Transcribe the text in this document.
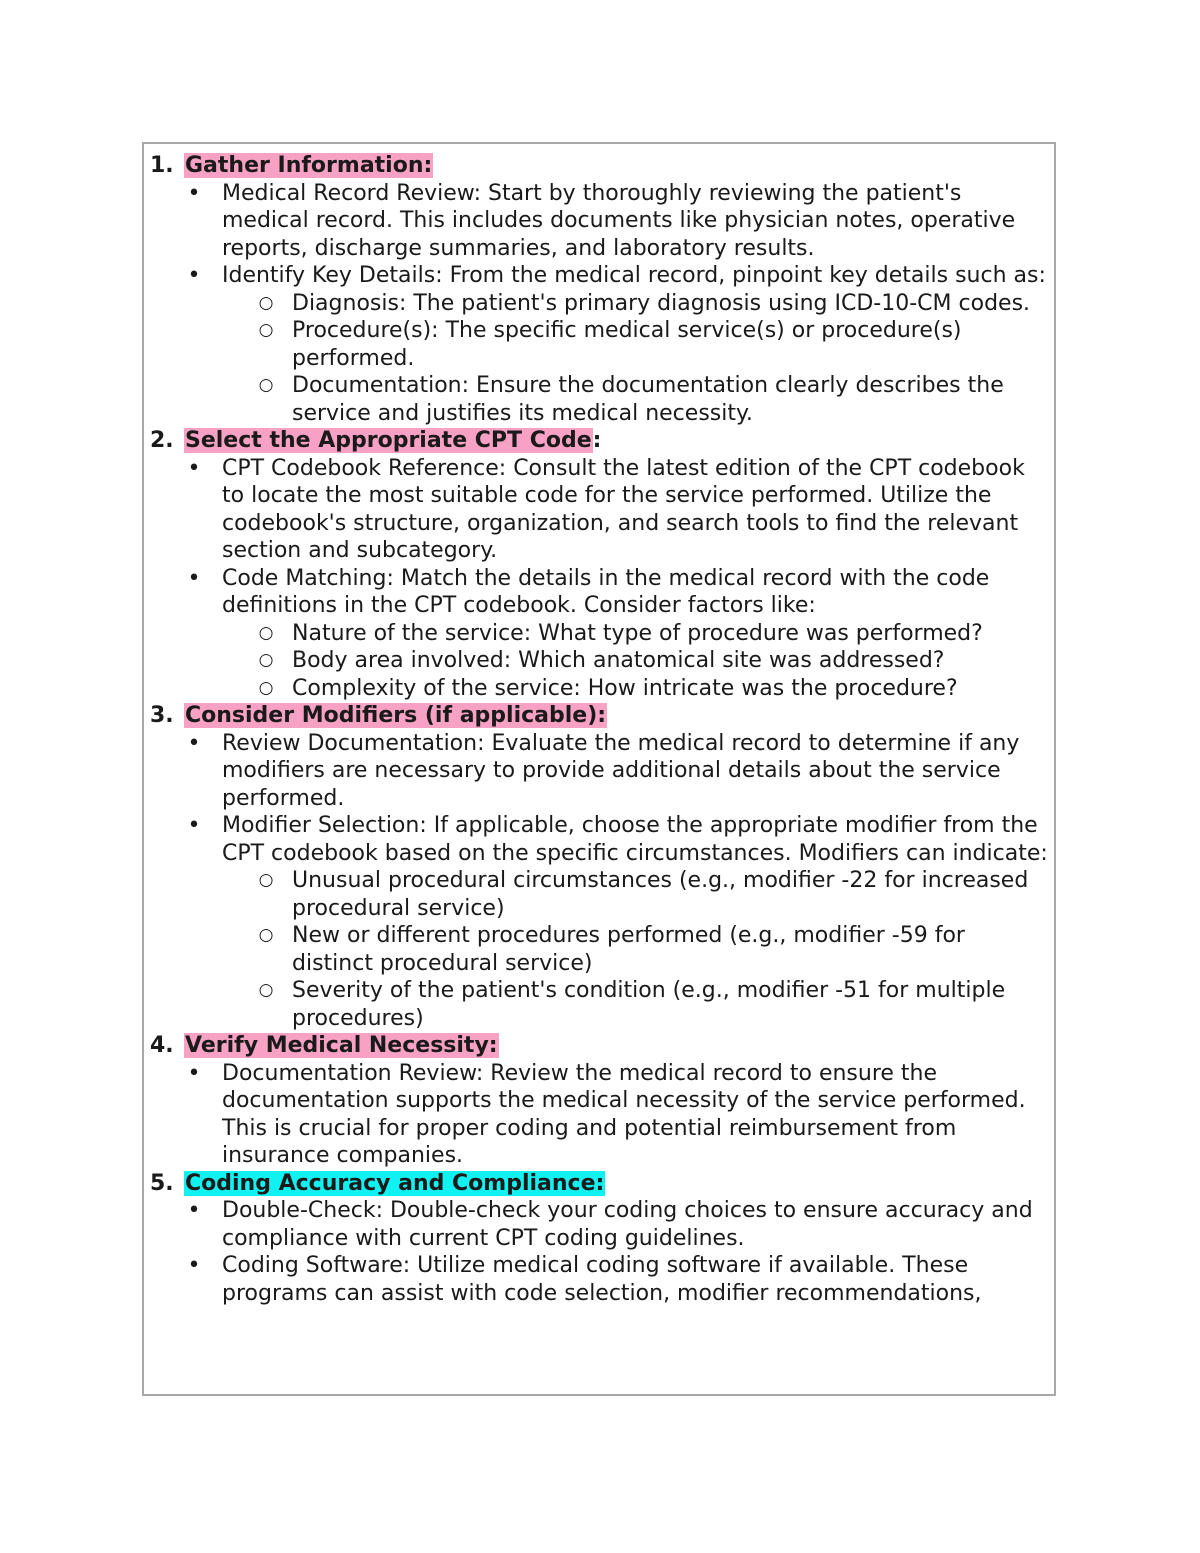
1. Gather Information:
• Medical Record Review: Start by thoroughly reviewing the patient's medical record. This includes documents like physician notes, operative reports, discharge summaries, and laboratory results.
• Identify Key Details: From the medical record, pinpoint key details such as:
○ Diagnosis: The patient's primary diagnosis using ICD-10-CM codes.
○ Procedure(s): The specific medical service(s) or procedure(s) performed.
○ Documentation: Ensure the documentation clearly describes the service and justifies its medical necessity.
2. Select the Appropriate CPT Code:
• CPT Codebook Reference: Consult the latest edition of the CPT codebook to locate the most suitable code for the service performed. Utilize the codebook's structure, organization, and search tools to find the relevant section and subcategory.
• Code Matching: Match the details in the medical record with the code definitions in the CPT codebook. Consider factors like:
○ Nature of the service: What type of procedure was performed?
○ Body area involved: Which anatomical site was addressed?
○ Complexity of the service: How intricate was the procedure?
3. Consider Modifiers (if applicable):
• Review Documentation: Evaluate the medical record to determine if any modifiers are necessary to provide additional details about the service performed.
• Modifier Selection: If applicable, choose the appropriate modifier from the CPT codebook based on the specific circumstances. Modifiers can indicate:
○ Unusual procedural circumstances (e.g., modifier -22 for increased procedural service)
○ New or different procedures performed (e.g., modifier -59 for distinct procedural service)
○ Severity of the patient's condition (e.g., modifier -51 for multiple procedures)
4. Verify Medical Necessity:
• Documentation Review: Review the medical record to ensure the documentation supports the medical necessity of the service performed. This is crucial for proper coding and potential reimbursement from insurance companies.
5. Coding Accuracy and Compliance:
• Double-Check: Double-check your coding choices to ensure accuracy and compliance with current CPT coding guidelines.
• Coding Software: Utilize medical coding software if available. These programs can assist with code selection, modifier recommendations,
